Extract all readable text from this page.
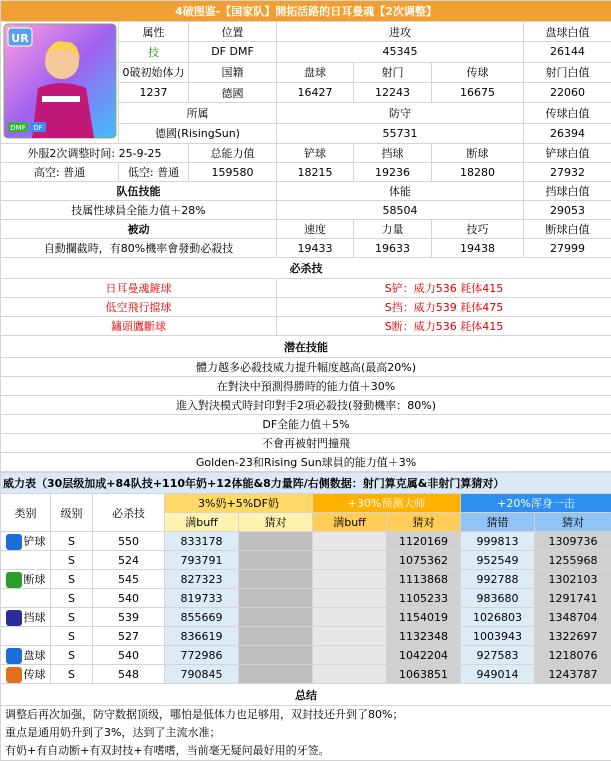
4破图鉴-【国家队】開拓活路的日耳曼魂【2次调整】						

UR
DMF DF	属性	位置	进攻			盘球白值
	技	DF DMF	45345			26144
	0破初始体力	国籍	盘球	射门	传球	射门白值
	1237	德國	16427	12243	16675	22060
	所属		防守			传球白值
	德國(RisingSun)		55731			26394
外服2次调整时间: 25-9-25		总能力值	铲球	挡球	断球	铲球白值
高空: 普通	低空: 普通	159580	18215	19236	18280	27932
队伍技能			体能			挡球白值
技属性球員全能力值＋28%			58504			29053
被动			速度	力量	技巧	断球白值
自動攔截時，有80%機率會發動必殺技			19433	19633	19438	27999
必杀技						
日耳曼魂鏟球			S铲：威力536 耗体415			
低空飛行擋球			S挡：威力539 耗体475			
鏽頭鷹斷球			S断：威力536 耗体415			
潜在技能						
體力越多必殺技威力提升幅度越高(最高20%)						
在對決中預測得勝時的能力值＋30%						
進入對決模式時封印對手2項必殺技(發動機率：80%)						
DF全能力值＋5%						
不會再被射門撞飛						
Golden-23和Rising Sun球員的能力值＋3%						
威力表（30层级加成+84队技+110年奶+12体能&8力量阵/右侧数据：射门算克属&非射门算猜对）								
类别	级别	必杀技	3%奶+5%DF奶		+30%预测大师		+20%浑身一击	
			满buff	猜对	满buff	猜对	猜错	猜对
铲球	S	550	833178			1120169	999813	1309736
	S	524	793791			1075362	952549	1255968
断球	S	545	827323			1113868	992788	1302103
	S	540	819733			1105233	983680	1291741
挡球	S	539	855669			1154019	1026803	1348704
	S	527	836619			1132348	1003943	1322697
盘球	S	540	772986			1042204	927583	1218076
传球	S	548	790845			1063851	949014	1243787
总结								

调整后再次加强，防守数据顶级，哪怕是低体力也足够用，双封技还升到了80%；
重点是通用奶升到了3%，达到了主流水准；
有奶+有自动断+有双封技+有嗜嗜，当前毫无疑问最好用的牙签。								
